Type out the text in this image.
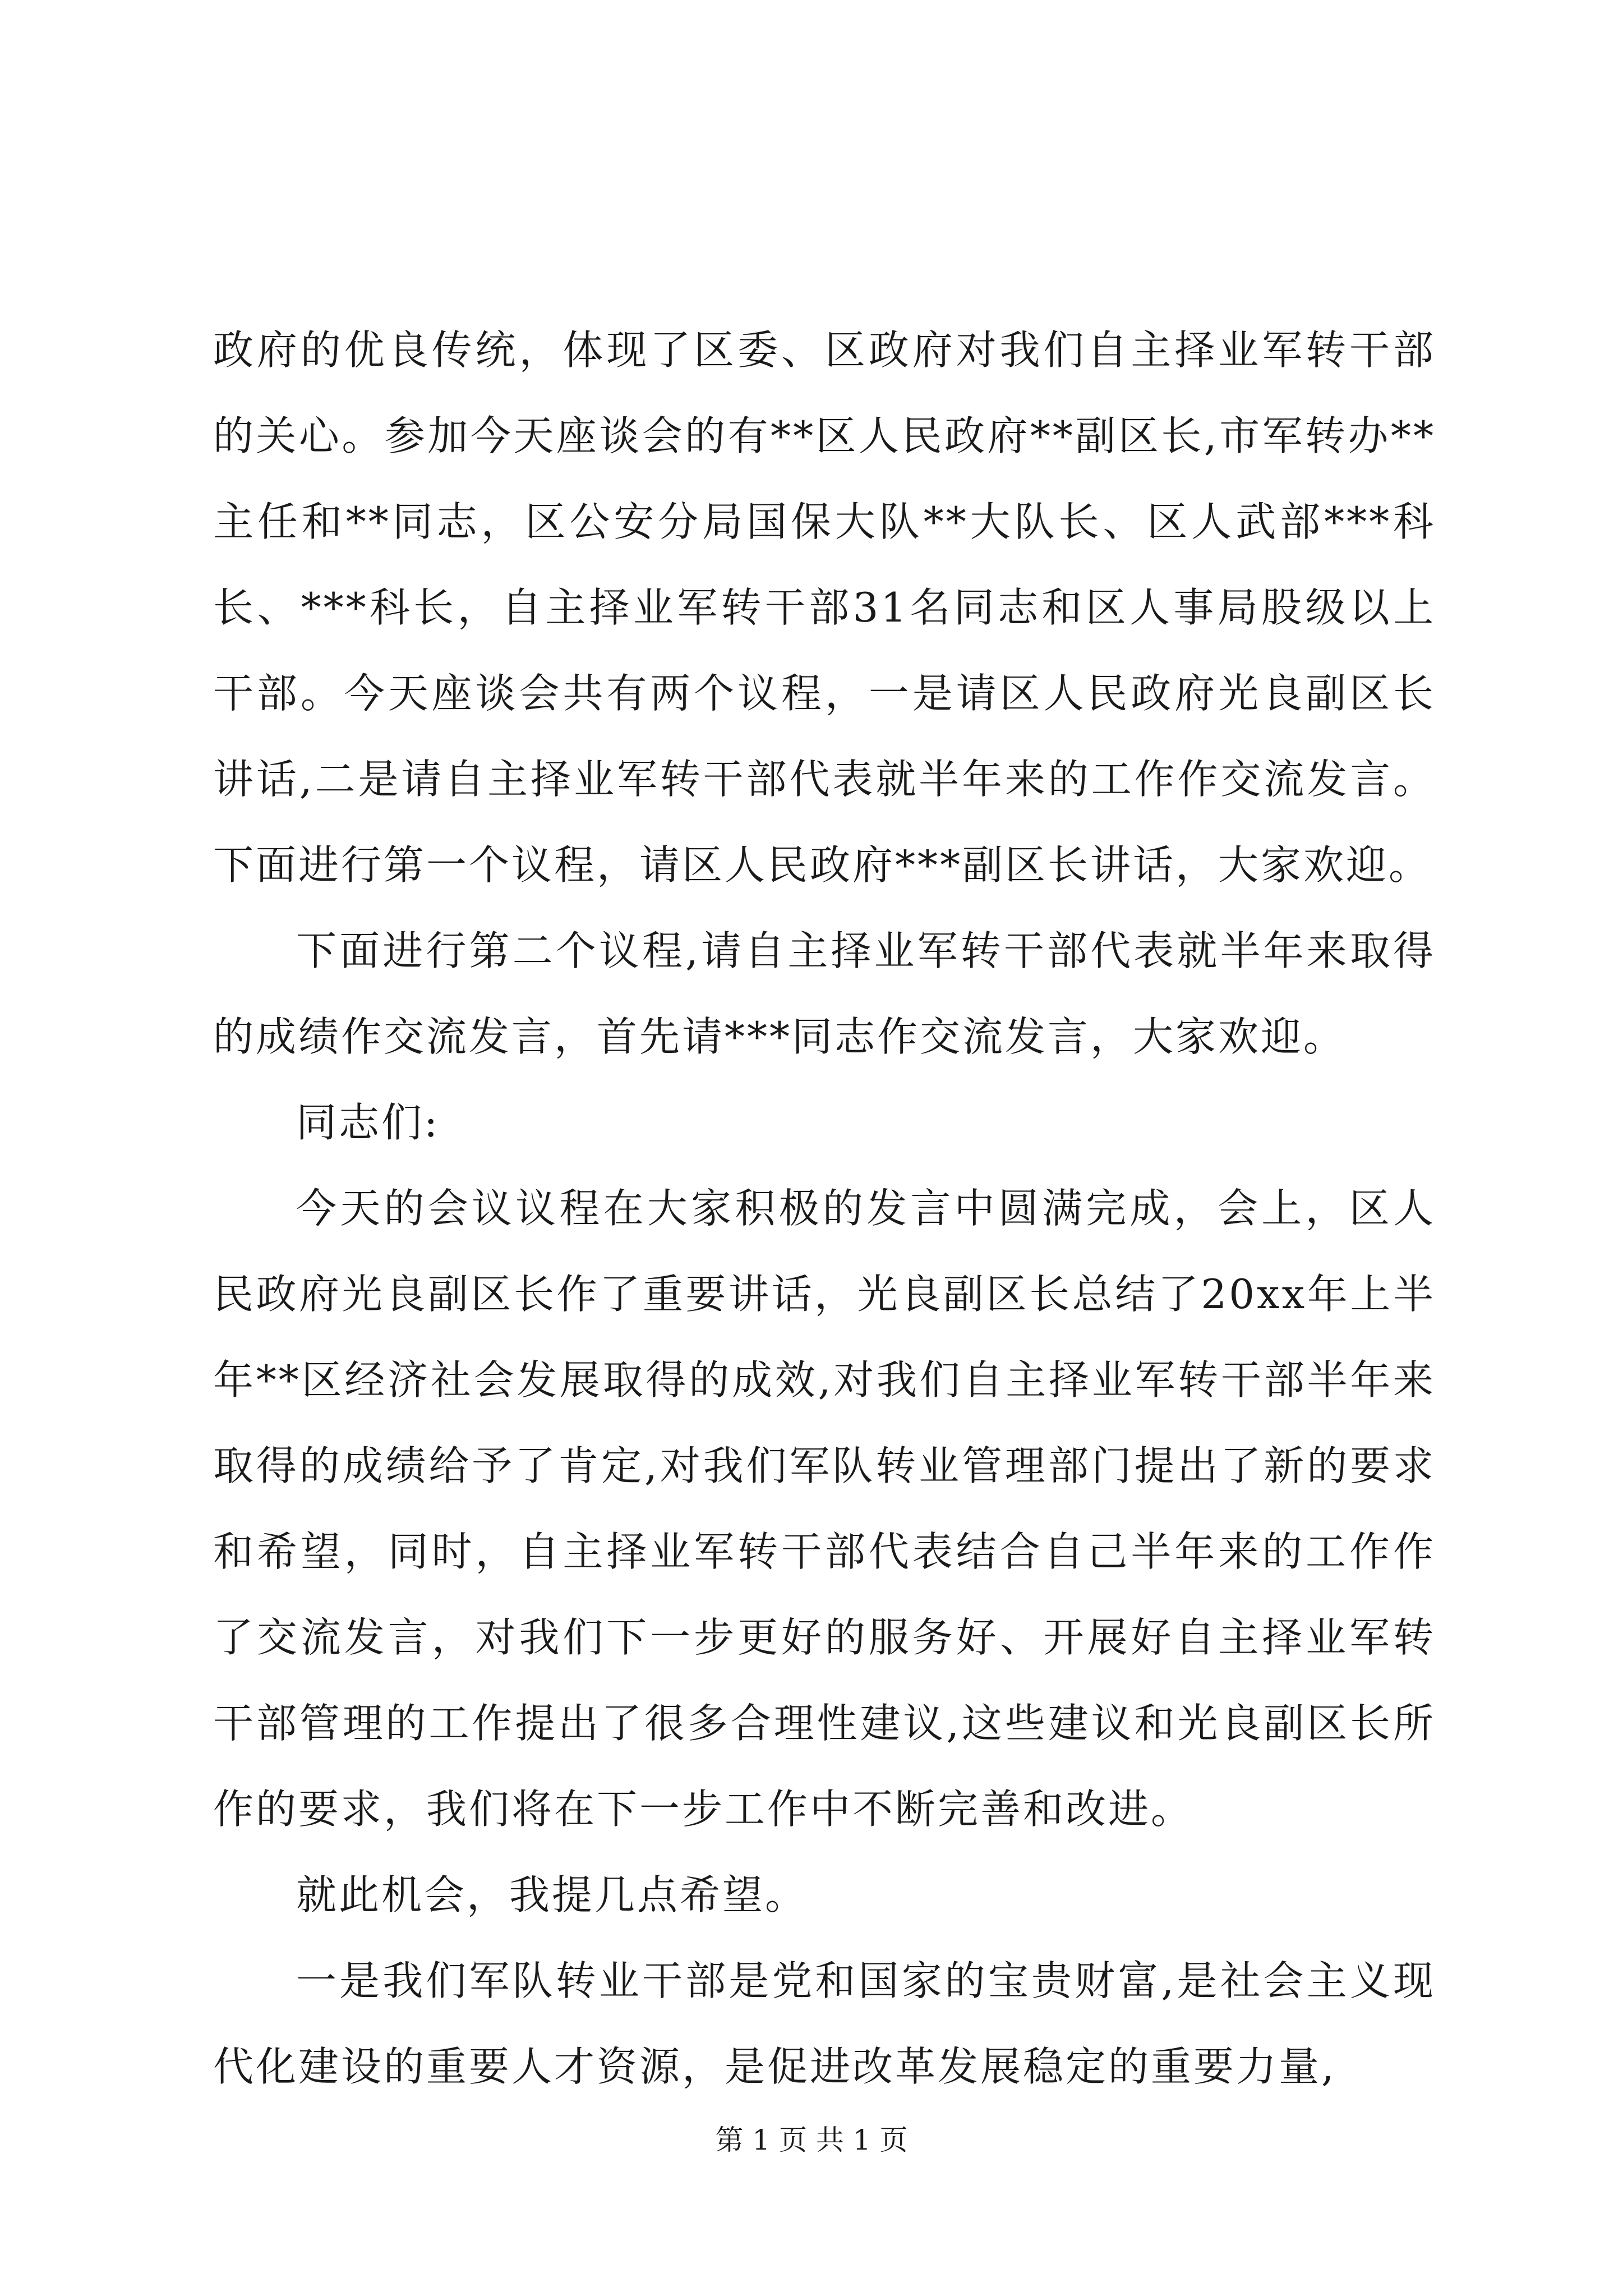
政府的优良传统，体现了区委、区政府对我们自主择业军转干部的关心。参加今天座谈会的有**区人民政府**副区长,市军转办**主任和**同志，区公安分局国保大队**大队长、区人武部***科长、***科长，自主择业军转干部31名同志和区人事局股级以上干部。今天座谈会共有两个议程，一是请区人民政府光良副区长讲话,二是请自主择业军转干部代表就半年来的工作作交流发言。下面进行第一个议程，请区人民政府***副区长讲话，大家欢迎。

下面进行第二个议程,请自主择业军转干部代表就半年来取得的成绩作交流发言，首先请***同志作交流发言，大家欢迎。

同志们:

今天的会议议程在大家积极的发言中圆满完成，会上，区人民政府光良副区长作了重要讲话，光良副区长总结了20xx年上半年**区经济社会发展取得的成效,对我们自主择业军转干部半年来取得的成绩给予了肯定,对我们军队转业管理部门提出了新的要求和希望，同时，自主择业军转干部代表结合自己半年来的工作作了交流发言，对我们下一步更好的服务好、开展好自主择业军转干部管理的工作提出了很多合理性建议,这些建议和光良副区长所作的要求，我们将在下一步工作中不断完善和改进。

就此机会，我提几点希望。

一是我们军队转业干部是党和国家的宝贵财富,是社会主义现代化建设的重要人才资源，是促进改革发展稳定的重要力量,

第 1 页 共 1 页
